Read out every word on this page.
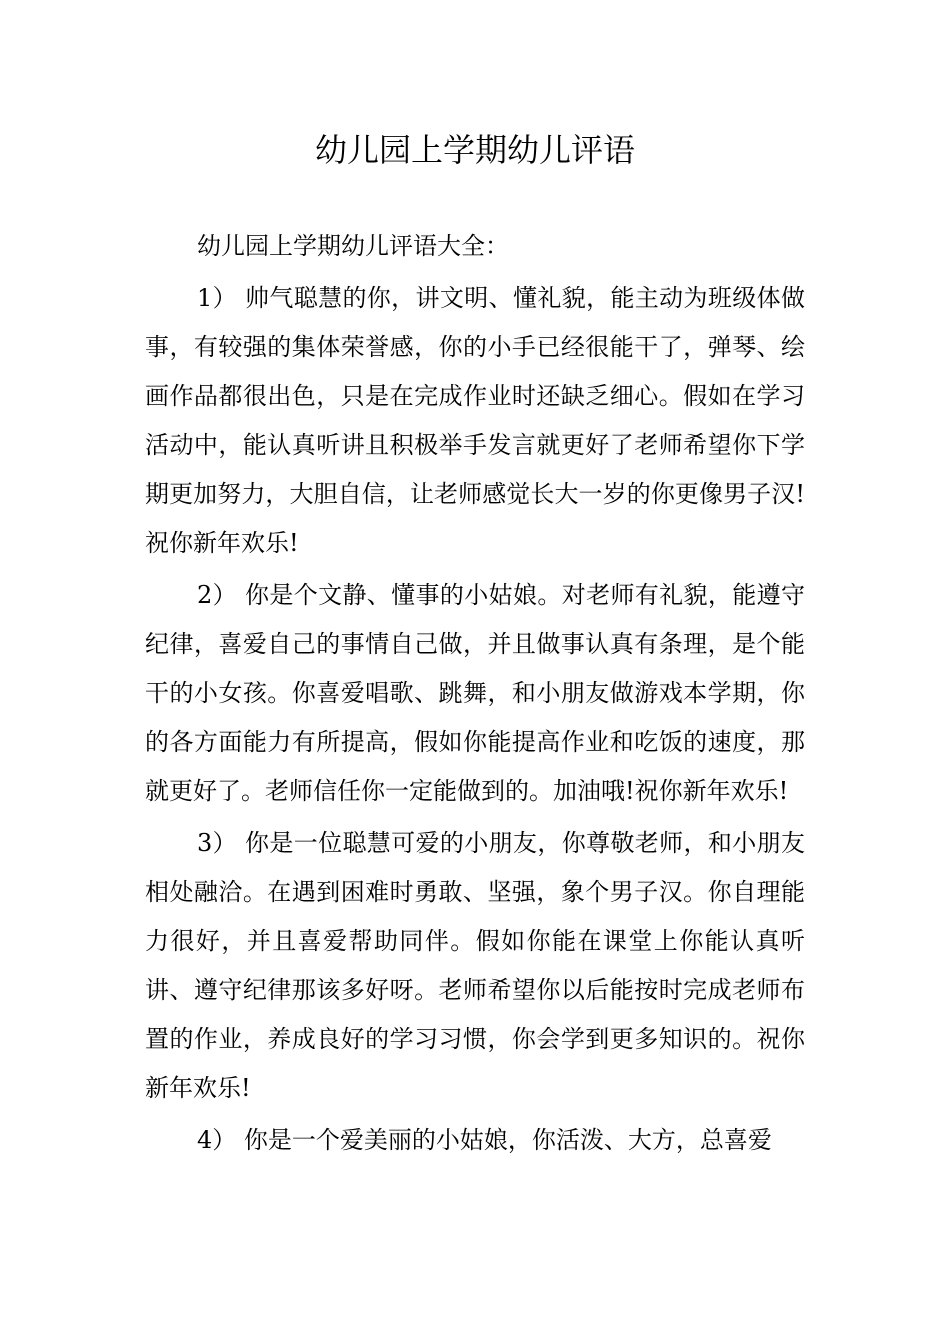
幼儿园上学期幼儿评语

幼儿园上学期幼儿评语大全：

1） 帅气聪慧的你，讲文明、懂礼貌，能主动为班级体做事，有较强的集体荣誉感，你的小手已经很能干了，弹琴、绘画作品都很出色，只是在完成作业时还缺乏细心。假如在学习活动中，能认真听讲且积极举手发言就更好了老师希望你下学期更加努力，大胆自信，让老师感觉长大一岁的你更像男子汉!祝你新年欢乐!

2） 你是个文静、懂事的小姑娘。对老师有礼貌，能遵守纪律，喜爱自己的事情自己做，并且做事认真有条理，是个能干的小女孩。你喜爱唱歌、跳舞，和小朋友做游戏本学期，你的各方面能力有所提高，假如你能提高作业和吃饭的速度，那就更好了。老师信任你一定能做到的。加油哦!祝你新年欢乐!

3） 你是一位聪慧可爱的小朋友，你尊敬老师，和小朋友相处融洽。在遇到困难时勇敢、坚强，象个男子汉。你自理能力很好，并且喜爱帮助同伴。假如你能在课堂上你能认真听讲、遵守纪律那该多好呀。老师希望你以后能按时完成老师布置的作业，养成良好的学习习惯，你会学到更多知识的。祝你新年欢乐!

4） 你是一个爱美丽的小姑娘，你活泼、大方，总喜爱
